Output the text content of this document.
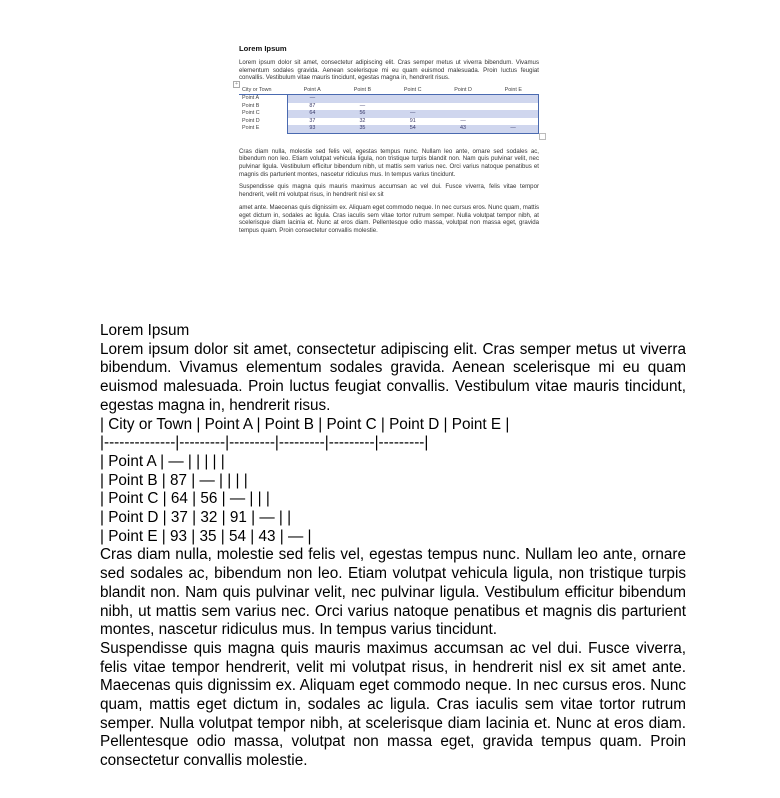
Lorem Ipsum

Lorem ipsum dolor sit amet, consectetur adipiscing elit. Cras semper metus ut viverra bibendum. Vivamus elementum sodales gravida. Aenean scelerisque mi eu quam euismod malesuada. Proin luctus feugiat convallis. Vestibulum vitae mauris tincidunt, egestas magna in, hendrerit risus.

+
City or Town	Point A	Point B	Point C	Point D	Point E
Point A	—				
Point B	87	—			
Point C	64	56	—		
Point D	37	32	91	—	
Point E	93	35	54	43	—

Cras diam nulla, molestie sed felis vel, egestas tempus nunc. Nullam leo ante, ornare sed sodales ac, bibendum non leo. Etiam volutpat vehicula ligula, non tristique turpis blandit non. Nam quis pulvinar velit, nec pulvinar ligula. Vestibulum efficitur bibendum nibh, ut mattis sem varius nec. Orci varius natoque penatibus et magnis dis parturient montes, nascetur ridiculus mus. In tempus varius tincidunt.

Suspendisse quis magna quis mauris maximus accumsan ac vel dui. Fusce viverra, felis vitae tempor hendrerit, velit mi volutpat risus, in hendrerit nisl ex sit

amet ante. Maecenas quis dignissim ex. Aliquam eget commodo neque. In nec cursus eros. Nunc quam, mattis eget dictum in, sodales ac ligula. Cras iaculis sem vitae tortor rutrum semper. Nulla volutpat tempor nibh, at scelerisque diam lacinia et. Nunc at eros diam. Pellentesque odio massa, volutpat non massa eget, gravida tempus quam. Proin consectetur convallis molestie.

Lorem Ipsum

Lorem ipsum dolor sit amet, consectetur adipiscing elit. Cras semper metus ut viverra bibendum. Vivamus elementum sodales gravida. Aenean scelerisque mi eu quam euismod malesuada. Proin luctus feugiat convallis. Vestibulum vitae mauris tincidunt, egestas magna in, hendrerit risus.

| City or Town | Point A | Point B | Point C | Point D | Point E |
|--------------|---------|---------|---------|---------|---------|
| Point A | — | | | | |
| Point B | 87 | — | | | |
| Point C | 64 | 56 | — | | |
| Point D | 37 | 32 | 91 | — | |
| Point E | 93 | 35 | 54 | 43 | — |

Cras diam nulla, molestie sed felis vel, egestas tempus nunc. Nullam leo ante, ornare sed sodales ac, bibendum non leo. Etiam volutpat vehicula ligula, non tristique turpis blandit non. Nam quis pulvinar velit, nec pulvinar ligula. Vestibulum efficitur bibendum nibh, ut mattis sem varius nec. Orci varius natoque penatibus et magnis dis parturient montes, nascetur ridiculus mus. In tempus varius tincidunt.

Suspendisse quis magna quis mauris maximus accumsan ac vel dui. Fusce viverra, felis vitae tempor hendrerit, velit mi volutpat risus, in hendrerit nisl ex sit amet ante. Maecenas quis dignissim ex. Aliquam eget commodo neque. In nec cursus eros. Nunc quam, mattis eget dictum in, sodales ac ligula. Cras iaculis sem vitae tortor rutrum semper. Nulla volutpat tempor nibh, at scelerisque diam lacinia et. Nunc at eros diam. Pellentesque odio massa, volutpat non massa eget, gravida tempus quam. Proin consectetur convallis molestie.
